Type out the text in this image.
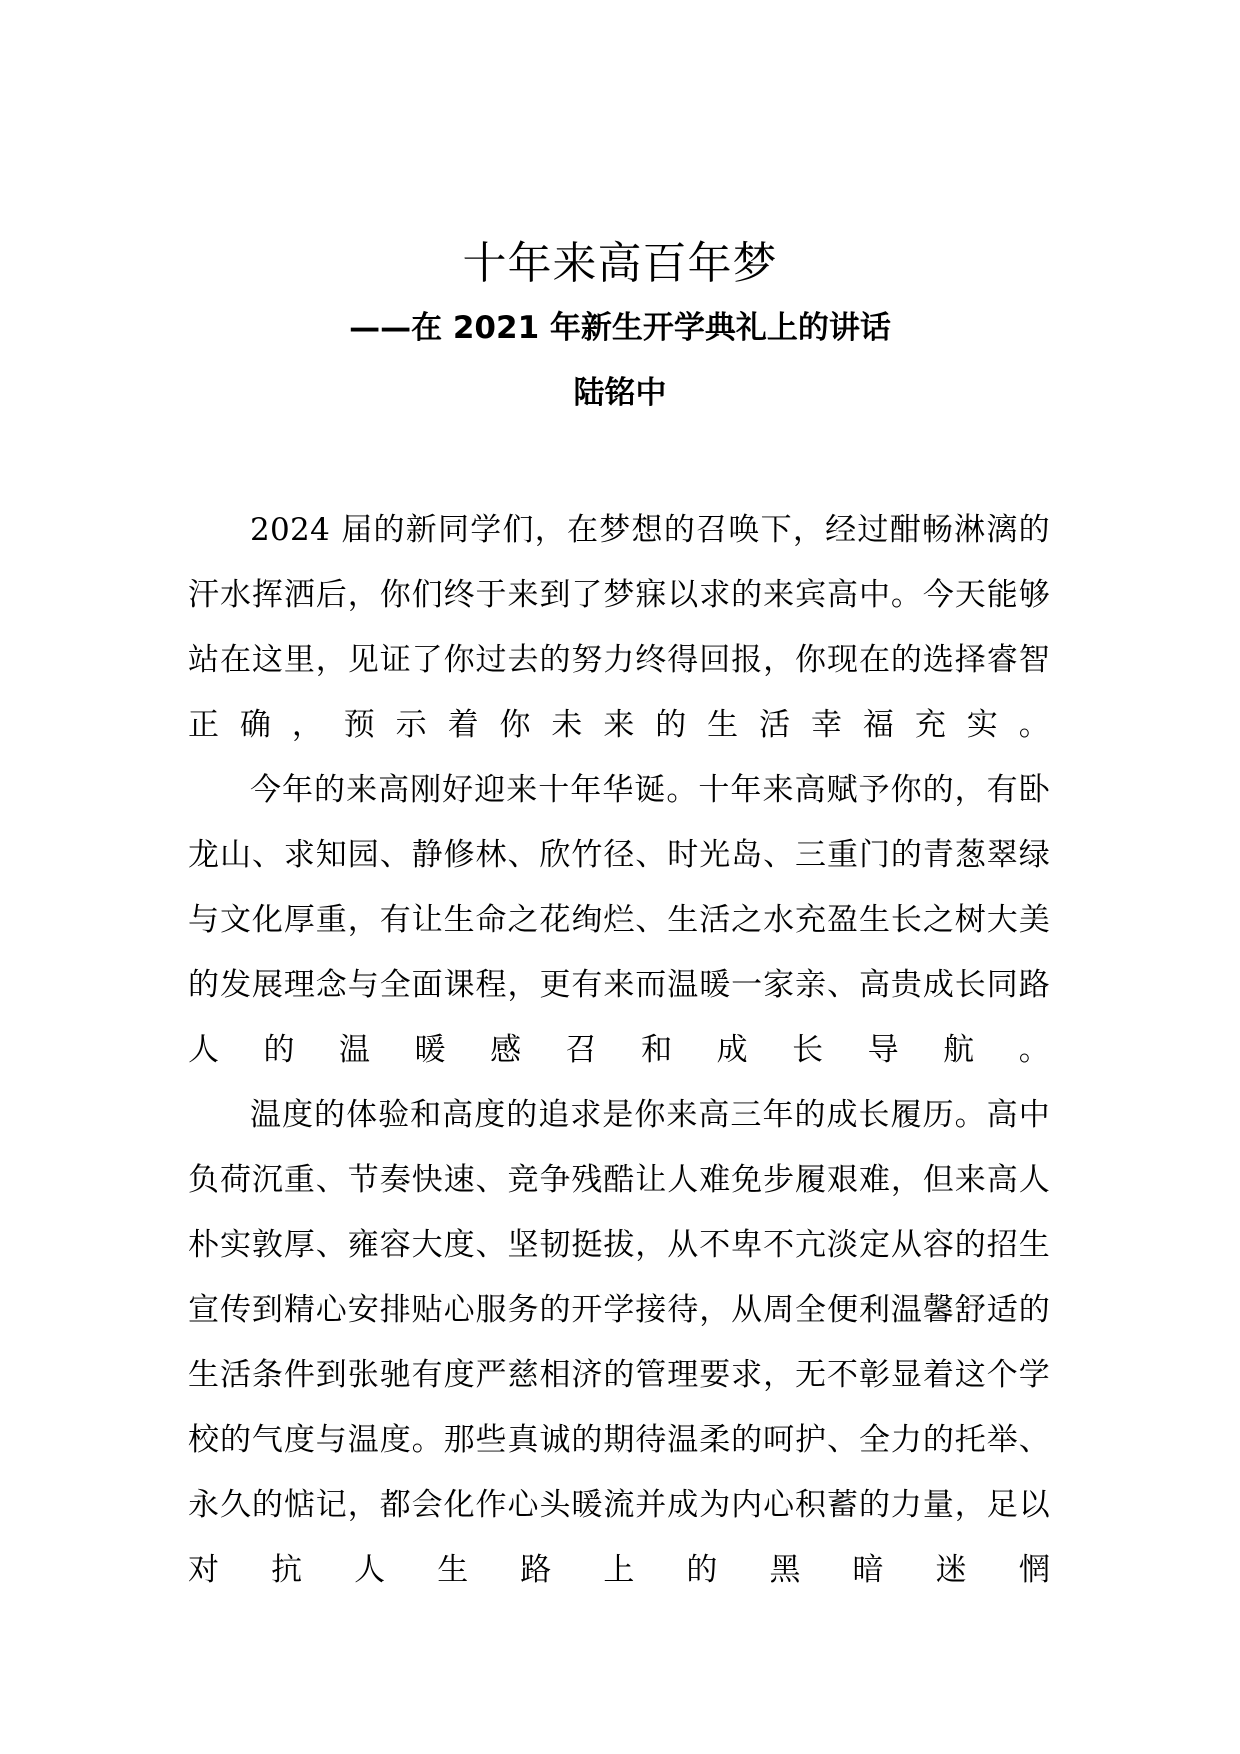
十年来高百年梦
——在 2021 年新生开学典礼上的讲话
陆铭中

2024 届的新同学们，在梦想的召唤下，经过酣畅淋漓的汗水挥洒后，你们终于来到了梦寐以求的来宾高中。今天能够站在这里，见证了你过去的努力终得回报，你现在的选择睿智正确，预示着你未来的生活幸福充实。

今年的来高刚好迎来十年华诞。十年来高赋予你的，有卧龙山、求知园、静修林、欣竹径、时光岛、三重门的青葱翠绿与文化厚重，有让生命之花绚烂、生活之水充盈生长之树大美的发展理念与全面课程，更有来而温暖一家亲、高贵成长同路人的温暖感召和成长导航。

温度的体验和高度的追求是你来高三年的成长履历。高中负荷沉重、节奏快速、竞争残酷让人难免步履艰难，但来高人朴实敦厚、雍容大度、坚韧挺拔，从不卑不亢淡定从容的招生宣传到精心安排贴心服务的开学接待，从周全便利温馨舒适的生活条件到张驰有度严慈相济的管理要求，无不彰显着这个学校的气度与温度。那些真诚的期待温柔的呵护、全力的托举、永久的惦记，都会化作心头暖流并成为内心积蓄的力量，足以对抗人生路上的黑暗迷惘
